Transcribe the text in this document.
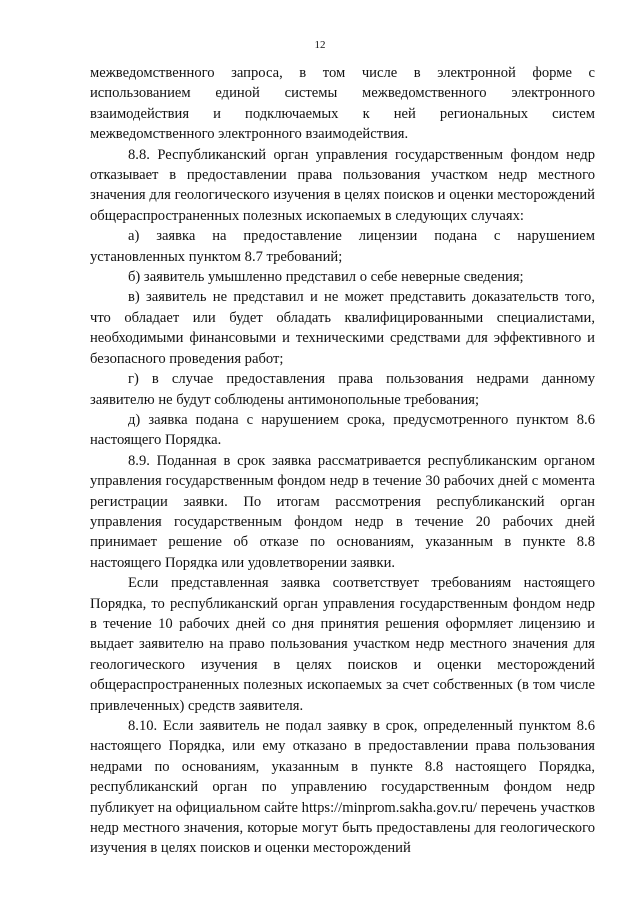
12

межведомственного запроса, в том числе в электронной форме с использованием единой системы межведомственного электронного взаимодействия и подключаемых к ней региональных систем межведомственного электронного взаимодействия.

8.8. Республиканский орган управления государственным фондом недр отказывает в предоставлении права пользования участком недр местного значения для геологического изучения в целях поисков и оценки месторождений общераспространенных полезных ископаемых в следующих случаях:

а) заявка на предоставление лицензии подана с нарушением установленных пунктом 8.7 требований;

б) заявитель умышленно представил о себе неверные сведения;

в) заявитель не представил и не может представить доказательств того, что обладает или будет обладать квалифицированными специалистами, необходимыми финансовыми и техническими средствами для эффективного и безопасного проведения работ;

г) в случае предоставления права пользования недрами данному заявителю не будут соблюдены антимонопольные требования;

д) заявка подана с нарушением срока, предусмотренного пунктом 8.6 настоящего Порядка.

8.9. Поданная в срок заявка рассматривается республиканским органом управления государственным фондом недр в течение 30 рабочих дней с момента регистрации заявки. По итогам рассмотрения республиканский орган управления государственным фондом недр в течение 20 рабочих дней принимает решение об отказе по основаниям, указанным в пункте 8.8 настоящего Порядка или удовлетворении заявки.

Если представленная заявка соответствует требованиям настоящего Порядка, то республиканский орган управления государственным фондом недр в течение 10 рабочих дней со дня принятия решения оформляет лицензию и выдает заявителю на право пользования участком недр местного значения для геологического изучения в целях поисков и оценки месторождений общераспространенных полезных ископаемых за счет собственных (в том числе привлеченных) средств заявителя.

8.10. Если заявитель не подал заявку в срок, определенный пунктом 8.6 настоящего Порядка, или ему отказано в предоставлении права пользования недрами по основаниям, указанным в пункте 8.8 настоящего Порядка, республиканский орган по управлению государственным фондом недр публикует на официальном сайте https://minprom.sakha.gov.ru/ перечень участков недр местного значения, которые могут быть предоставлены для геологического изучения в целях поисков и оценки месторождений
